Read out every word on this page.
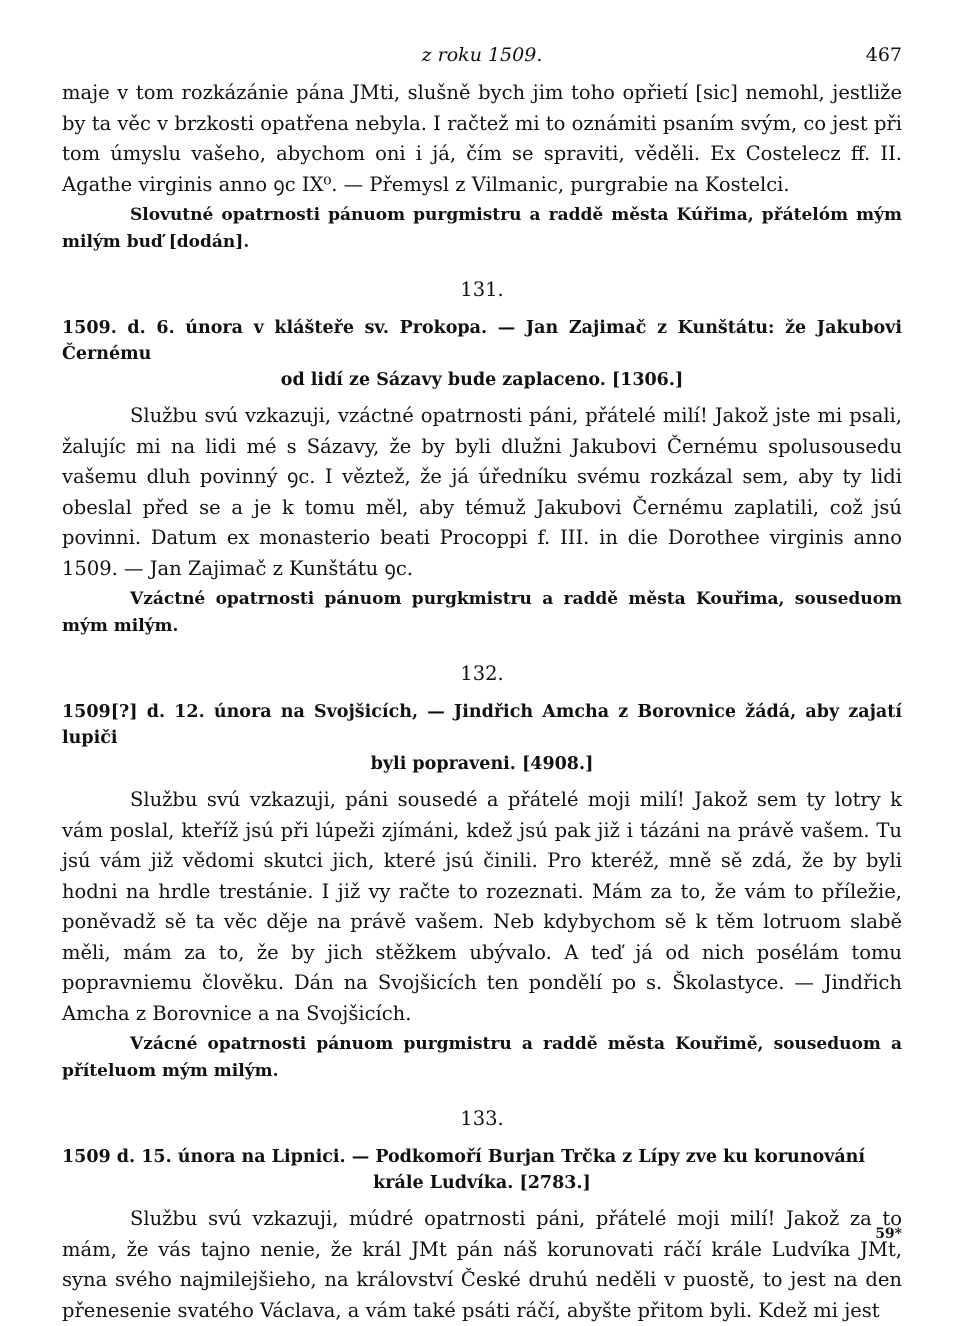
z roku 1509.	467

maje v tom rozkázánie pána JMti, slušně bych jim toho opřietí [sic] nemohl, jestliže by ta věc v brzkosti opatřena nebyla. I račtež mi to oznámiti psaním svým, co jest při tom úmyslu vašeho, abychom oni i já, čím se spraviti, věděli. Ex Costelecz ff. II. Agathe virginis anno ꝯc IX⁰. — Přemysl z Vilmanic, purgrabie na Kostelci.

Slovutné opatrnosti pánuom purgmistru a raddě města Kúřima, přátelóm mým milým buď [dodán].

131.
1509. d. 6. února v klášteře sv. Prokopa. — Jan Zajimač z Kunštátu: že Jakubovi Černému
od lidí ze Sázavy bude zaplaceno. [1306.]

Službu svú vzkazuji, vzáctné opatrnosti páni, přátelé milí! Jakož jste mi psali, žalujíc mi na lidi mé s Sázavy, že by byli dlužni Jakubovi Černému spolusousedu vašemu dluh povinný ꝯc. I věztež, že já úředníku svému rozkázal sem, aby ty lidi obeslal před se a je k tomu měl, aby témuž Jakubovi Černému zaplatili, což jsú povinni. Datum ex monasterio beati Procoppi f. III. in die Dorothee virginis anno 1509. — Jan Zajimač z Kunštátu ꝯc.

Vzáctné opatrnosti pánuom purgkmistru a raddě města Kouřima, souseduom mým milým.

132.
1509[?] d. 12. února na Svojšicích, — Jindřich Amcha z Borovnice žádá, aby zajatí lupiči
byli popraveni. [4908.]

Službu svú vzkazuji, páni sousedé a přátelé moji milí! Jakož sem ty lotry k vám poslal, kteříž jsú při lúpeži zjímáni, kdež jsú pak již i tázáni na právě vašem. Tu jsú vám již vědomi skutci jich, které jsú činili. Pro kteréž, mně sě zdá, že by byli hodni na hrdle trestánie. I již vy račte to rozeznati. Mám za to, že vám to příležie, poněvadž sě ta věc děje na právě vašem. Neb kdybychom sě k těm lotruom slabě měli, mám za to, že by jich stěžkem ubývalo. A teď já od nich posélám tomu popravniemu člověku. Dán na Svojšicích ten pondělí po s. Školastyce. — Jindřich Amcha z Borovnice a na Svojšicích.

Vzácné opatrnosti pánuom purgmistru a raddě města Kouřimě, souseduom a příteluom mým milým.

133.
1509 d. 15. února na Lipnici. — Podkomoří Burjan Trčka z Lípy zve ku korunování
krále Ludvíka. [2783.]

Službu svú vzkazuji, múdré opatrnosti páni, přátelé moji milí! Jakož za to mám, že vás tajno nenie, že král JMt pán náš korunovati ráčí krále Ludvíka JMt, syna svého najmilejšieho, na království České druhú neděli v puostě, to jest na den přenesenie svatého Václava, a vám také psáti ráčí, abyšte přitom byli. Kdež mi jest

59*
